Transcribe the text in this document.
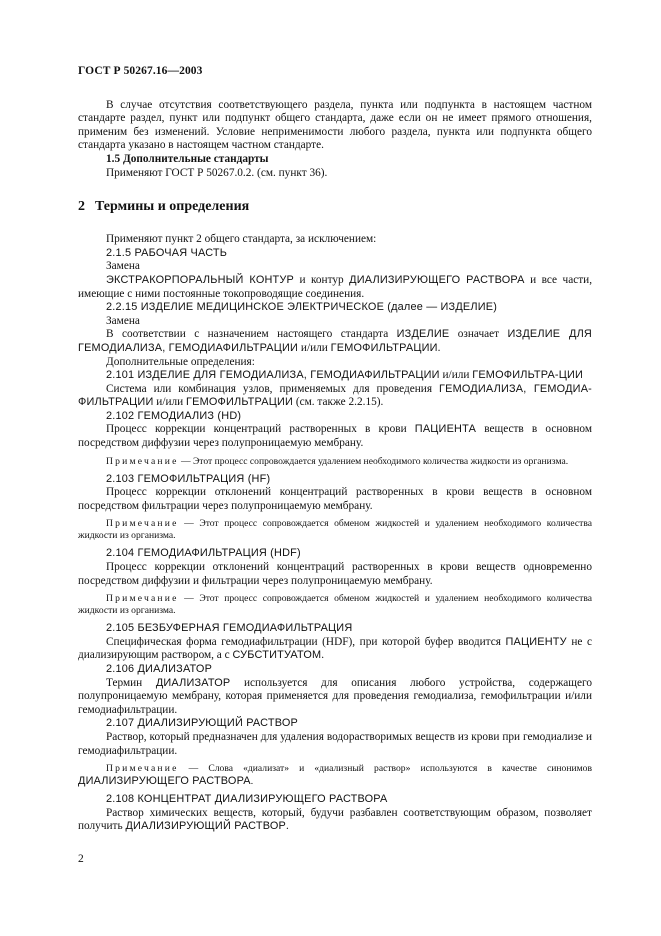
ГОСТ Р 50267.16—2003

В случае отсутствия соответствующего раздела, пункта или подпункта в настоящем частном стандарте раздел, пункт или подпункт общего стандарта, даже если он не имеет прямого отношения, применим без изменений. Условие неприменимости любого раздела, пункта или подпункта общего стандарта указано в настоящем частном стандарте.

1.5 Дополнительные стандарты

Применяют ГОСТ Р 50267.0.2. (см. пункт 36).

2 Термины и определения

Применяют пункт 2 общего стандарта, за исключением:

2.1.5 РАБОЧАЯ ЧАСТЬ

Замена

ЭКСТРАКОРПОРАЛЬНЫЙ КОНТУР и контур ДИАЛИЗИРУЮЩЕГО РАСТВОРА и все части, имеющие с ними постоянные токопроводящие соединения.

2.2.15 ИЗДЕЛИЕ МЕДИЦИНСКОЕ ЭЛЕКТРИЧЕСКОЕ (далее — ИЗДЕЛИЕ)

Замена

В соответствии с назначением настоящего стандарта ИЗДЕЛИЕ означает ИЗДЕЛИЕ ДЛЯ ГЕМОДИАЛИЗА, ГЕМОДИАФИЛЬТРАЦИИ и/или ГЕМОФИЛЬТРАЦИИ.

Дополнительные определения:

2.101 ИЗДЕЛИЕ ДЛЯ ГЕМОДИАЛИЗА, ГЕМОДИАФИЛЬТРАЦИИ и/или ГЕМОФИЛЬТРА-ЦИИ

Система или комбинация узлов, применяемых для проведения ГЕМОДИАЛИЗА, ГЕМОДИА-ФИЛЬТРАЦИИ и/или ГЕМОФИЛЬТРАЦИИ (см. также 2.2.15).

2.102 ГЕМОДИАЛИЗ (HD)

Процесс коррекции концентраций растворенных в крови ПАЦИЕНТА веществ в основном посредством диффузии через полупроницаемую мембрану.

Примечание — Этот процесс сопровождается удалением необходимого количества жидкости из организма.

2.103 ГЕМОФИЛЬТРАЦИЯ (HF)

Процесс коррекции отклонений концентраций растворенных в крови веществ в основном посредством фильтрации через полупроницаемую мембрану.

Примечание — Этот процесс сопровождается обменом жидкостей и удалением необходимого количества жидкости из организма.

2.104 ГЕМОДИАФИЛЬТРАЦИЯ (HDF)

Процесс коррекции отклонений концентраций растворенных в крови веществ одновременно посредством диффузии и фильтрации через полупроницаемую мембрану.

Примечание — Этот процесс сопровождается обменом жидкостей и удалением необходимого количества жидкости из организма.

2.105 БЕЗБУФЕРНАЯ ГЕМОДИАФИЛЬТРАЦИЯ

Специфическая форма гемодиафильтрации (HDF), при которой буфер вводится ПАЦИЕНТУ не с диализирующим раствором, а с СУБСТИТУАТОМ.

2.106 ДИАЛИЗАТОР

Термин ДИАЛИЗАТОР используется для описания любого устройства, содержащего полупроницаемую мембрану, которая применяется для проведения гемодиализа, гемофильтрации и/или гемодиафильтрации.

2.107 ДИАЛИЗИРУЮЩИЙ РАСТВОР

Раствор, который предназначен для удаления водорастворимых веществ из крови при гемодиализе и гемодиафильтрации.

Примечание — Слова «диализат» и «диализный раствор» используются в качестве синонимов ДИАЛИЗИРУЮЩЕГО РАСТВОРА.

2.108 КОНЦЕНТРАТ ДИАЛИЗИРУЮЩЕГО РАСТВОРА

Раствор химических веществ, который, будучи разбавлен соответствующим образом, позволяет получить ДИАЛИЗИРУЮЩИЙ РАСТВОР.

2
